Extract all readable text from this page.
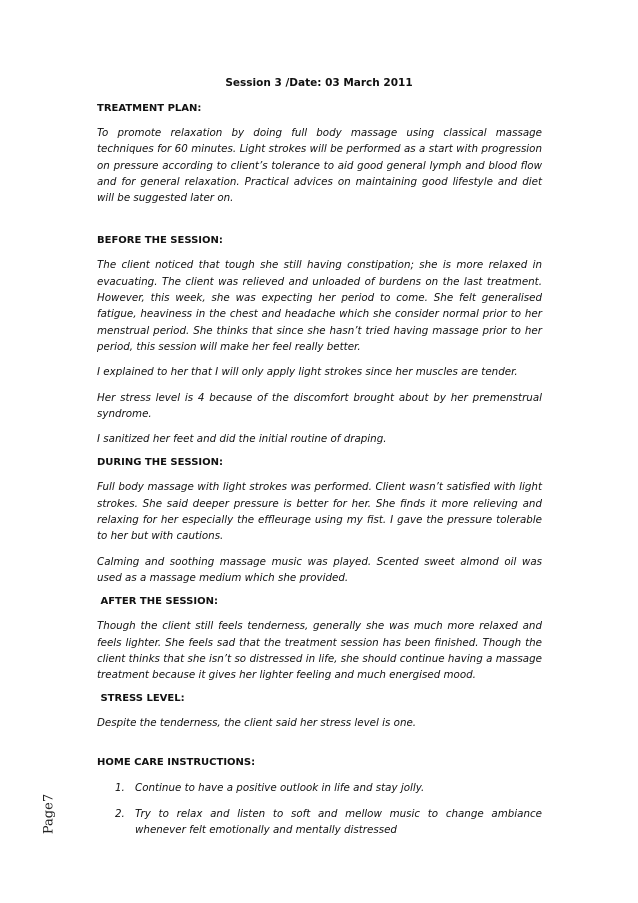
Session 3 /Date: 03 March 2011
TREATMENT PLAN:

To promote relaxation by doing full body massage using classical massage techniques for 60 minutes. Light strokes will be performed as a start with progression on pressure according to client’s tolerance to aid good general lymph and blood flow and for general relaxation. Practical advices on maintaining good lifestyle and diet will be suggested later on.

BEFORE THE SESSION:

The client noticed that tough she still having constipation; she is more relaxed in evacuating. The client was relieved and unloaded of burdens on the last treatment. However, this week, she was expecting her period to come. She felt generalised fatigue, heaviness in the chest and headache which she consider normal prior to her menstrual period. She thinks that since she hasn’t tried having massage prior to her period, this session will make her feel really better.

I explained to her that I will only apply light strokes since her muscles are tender.

Her stress level is 4 because of the discomfort brought about by her premenstrual syndrome.

I sanitized her feet and did the initial routine of draping.

DURING THE SESSION:

Full body massage with light strokes was performed. Client wasn’t satisfied with light strokes. She said deeper pressure is better for her. She finds it more relieving and relaxing for her especially the effleurage using my fist. I gave the pressure tolerable to her but with cautions.

Calming and soothing massage music was played. Scented sweet almond oil was used as a massage medium which she provided.

AFTER THE SESSION:

Though the client still feels tenderness, generally she was much more relaxed and feels lighter. She feels sad that the treatment session has been finished. Though the client thinks that she isn’t so distressed in life, she should continue having a massage treatment because it gives her lighter feeling and much energised mood.

STRESS LEVEL:

Despite the tenderness, the client said her stress level is one.

HOME CARE INSTRUCTIONS:
1. Continue to have a positive outlook in life and stay jolly.
2. Try to relax and listen to soft and mellow music to change ambiance whenever felt emotionally and mentally distressed
Page7
